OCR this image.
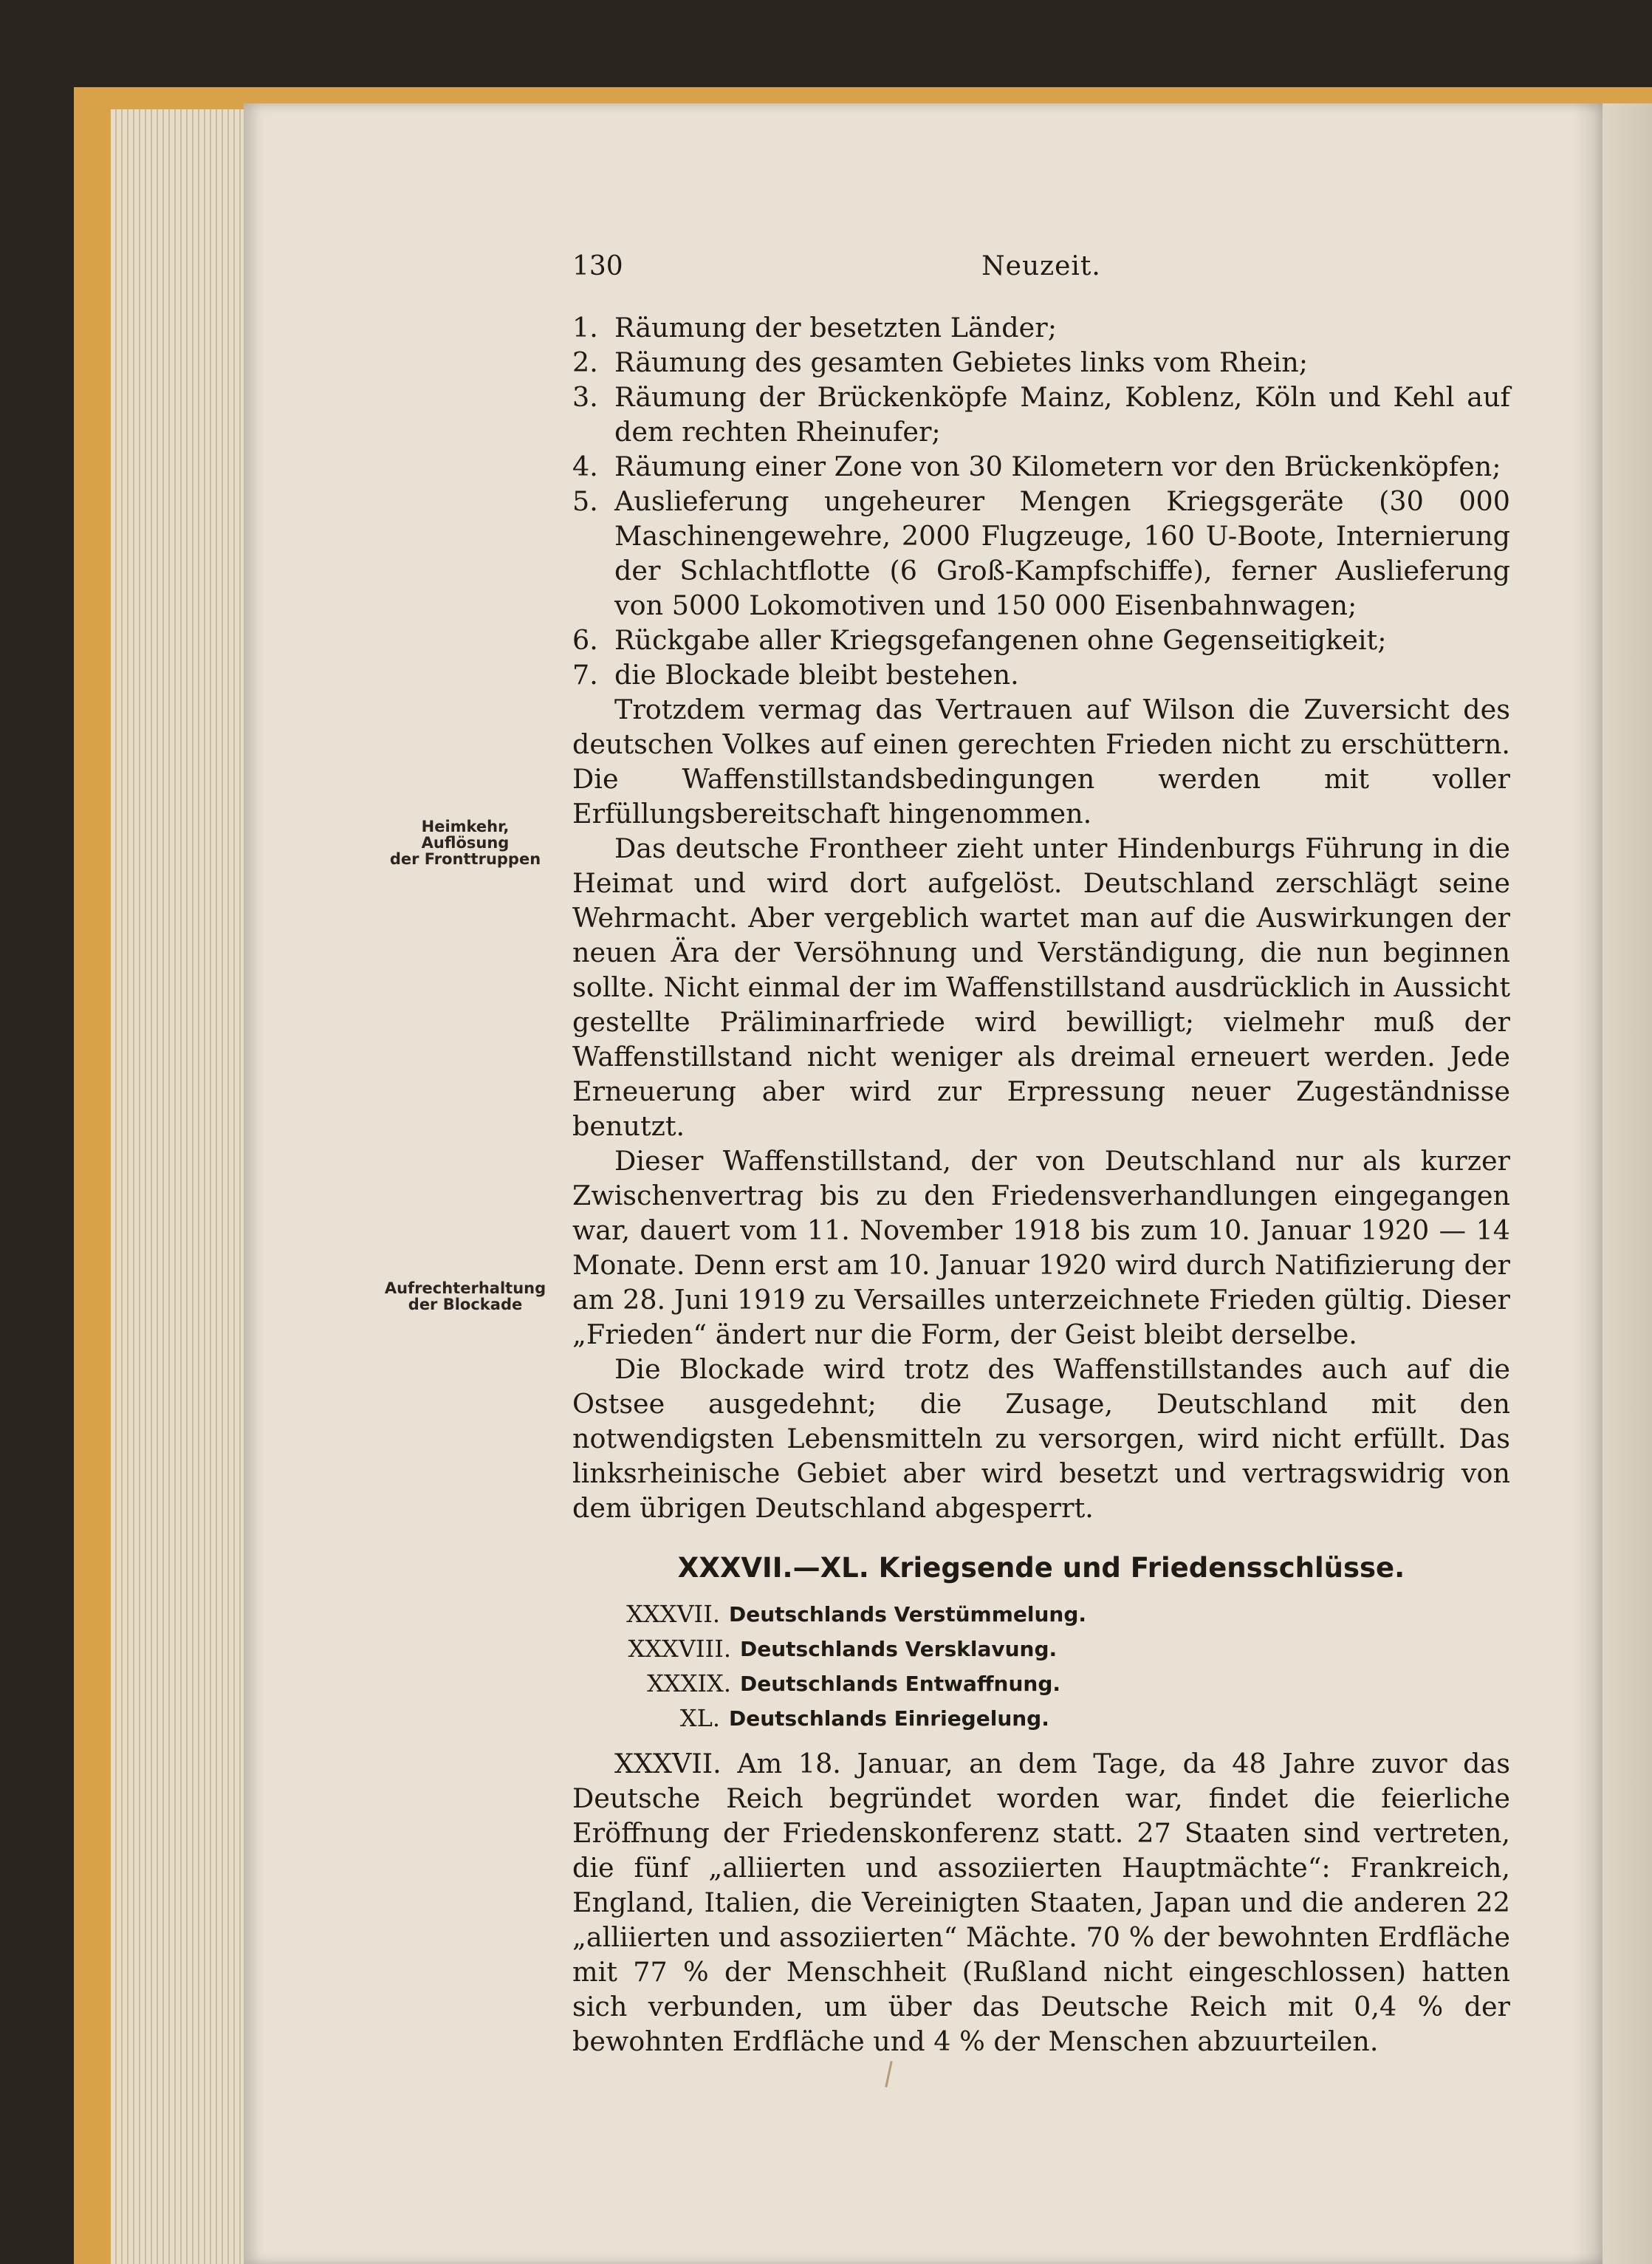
130	Neuzeit.
Heimkehr,
Auflösung
der Fronttruppen
Aufrechterhaltung
der Blockade
1. Räumung der besetzten Länder;
2. Räumung des gesamten Gebietes links vom Rhein;
3. Räumung der Brückenköpfe Mainz, Koblenz, Köln und Kehl auf dem rechten Rheinufer;
4. Räumung einer Zone von 30 Kilometern vor den Brückenköpfen;
5. Auslieferung ungeheurer Mengen Kriegsgeräte (30 000 Maschinengewehre, 2000 Flugzeuge, 160 U-Boote, Internierung der Schlachtflotte (6 Groß-Kampfschiffe), ferner Auslieferung von 5000 Lokomotiven und 150 000 Eisenbahnwagen;
6. Rückgabe aller Kriegsgefangenen ohne Gegenseitigkeit;
7. die Blockade bleibt bestehen.

Trotzdem vermag das Vertrauen auf Wilson die Zuversicht des deutschen Volkes auf einen gerechten Frieden nicht zu erschüttern. Die Waffenstillstandsbedingungen werden mit voller Erfüllungsbereitschaft hingenommen.

Das deutsche Frontheer zieht unter Hindenburgs Führung in die Heimat und wird dort aufgelöst. Deutschland zerschlägt seine Wehrmacht. Aber vergeblich wartet man auf die Auswirkungen der neuen Ära der Versöhnung und Verständigung, die nun beginnen sollte. Nicht einmal der im Waffenstillstand ausdrücklich in Aussicht gestellte Präliminarfriede wird bewilligt; vielmehr muß der Waffenstillstand nicht weniger als dreimal erneuert werden. Jede Erneuerung aber wird zur Erpressung neuer Zugeständnisse benutzt.

Dieser Waffenstillstand, der von Deutschland nur als kurzer Zwischenvertrag bis zu den Friedensverhandlungen eingegangen war, dauert vom 11. November 1918 bis zum 10. Januar 1920 — 14 Monate. Denn erst am 10. Januar 1920 wird durch Natifizierung der am 28. Juni 1919 zu Versailles unterzeichnete Frieden gültig. Dieser „Frieden“ ändert nur die Form, der Geist bleibt derselbe.

Die Blockade wird trotz des Waffenstillstandes auch auf die Ostsee ausgedehnt; die Zusage, Deutschland mit den notwendigsten Lebensmitteln zu versorgen, wird nicht erfüllt. Das linksrheinische Gebiet aber wird besetzt und vertragswidrig von dem übrigen Deutschland abgesperrt.

XXXVII.—XL. Kriegsende und Friedensschlüsse.
XXXVII. Deutschlands Verstümmelung.
XXXVIII. Deutschlands Versklavung.
XXXIX. Deutschlands Entwaffnung.
XL. Deutschlands Einriegelung.

XXXVII. Am 18. Januar, an dem Tage, da 48 Jahre zuvor das Deutsche Reich begründet worden war, findet die feierliche Eröffnung der Friedenskonferenz statt. 27 Staaten sind vertreten, die fünf „alliierten und assoziierten Hauptmächte“: Frankreich, England, Italien, die Vereinigten Staaten, Japan und die anderen 22 „alliierten und assoziierten“ Mächte. 70 % der bewohnten Erdfläche mit 77 % der Menschheit (Rußland nicht eingeschlossen) hatten sich verbunden, um über das Deutsche Reich mit 0,4 % der bewohnten Erdfläche und 4 % der Menschen abzuurteilen.
